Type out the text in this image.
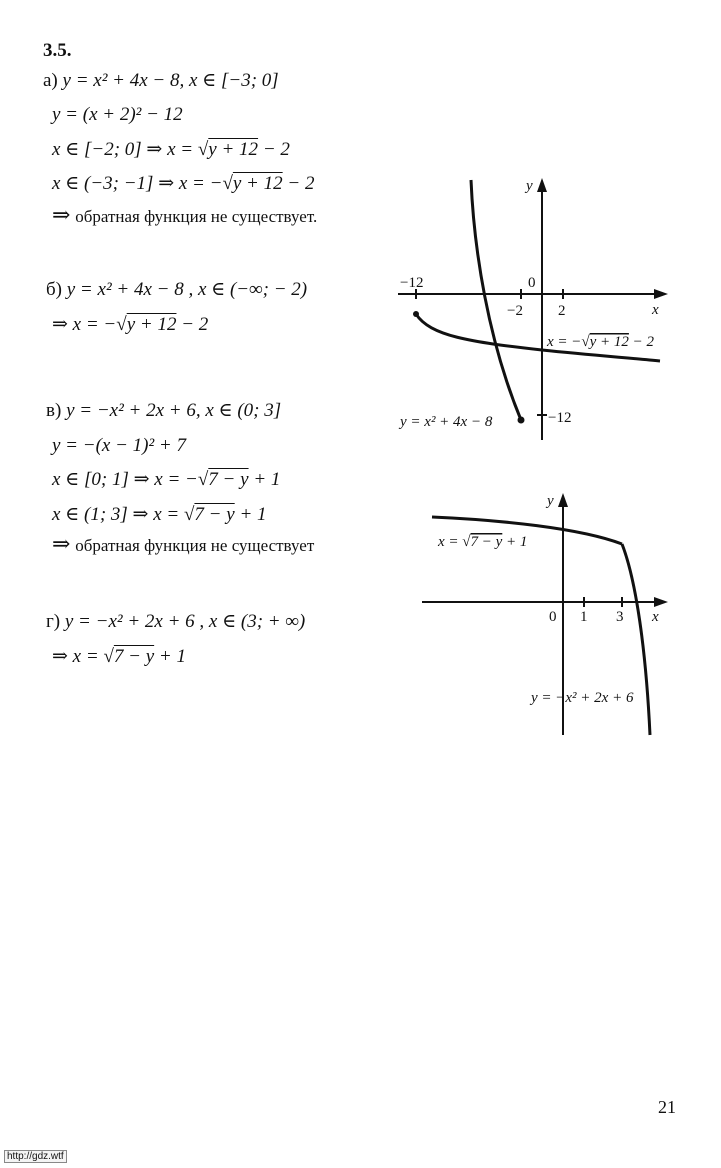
3.5.
а) y = x² + 4x − 8, x ∈ [−3; 0]
y = (x + 2)² − 12
x ∈ [−2; 0] ⇒ x = √y + 12 − 2
x ∈ (−3; −1] ⇒ x = −√y + 12 − 2
⇒ обратная функция не существует.
б) y = x² + 4x − 8 , x ∈ (−∞; − 2)
⇒ x = −√y + 12 − 2
в) y = −x² + 2x + 6, x ∈ (0; 3]
y = −(x − 1)² + 7
x ∈ [0; 1] ⇒ x = −√7 − y + 1
x ∈ (1; 3] ⇒ x = √7 − y + 1
⇒ обратная функция не существует
г) y = −x² + 2x + 6 , x ∈ (3; + ∞)
⇒ x = √7 − y + 1
y
x
−12	0
−2 2
−12
x = −√y + 12 − 2
y = x² + 4x − 8
y
x
0 1 3
x = √7 − y + 1
y = −x² + 2x + 6
21
http://gdz.wtf
